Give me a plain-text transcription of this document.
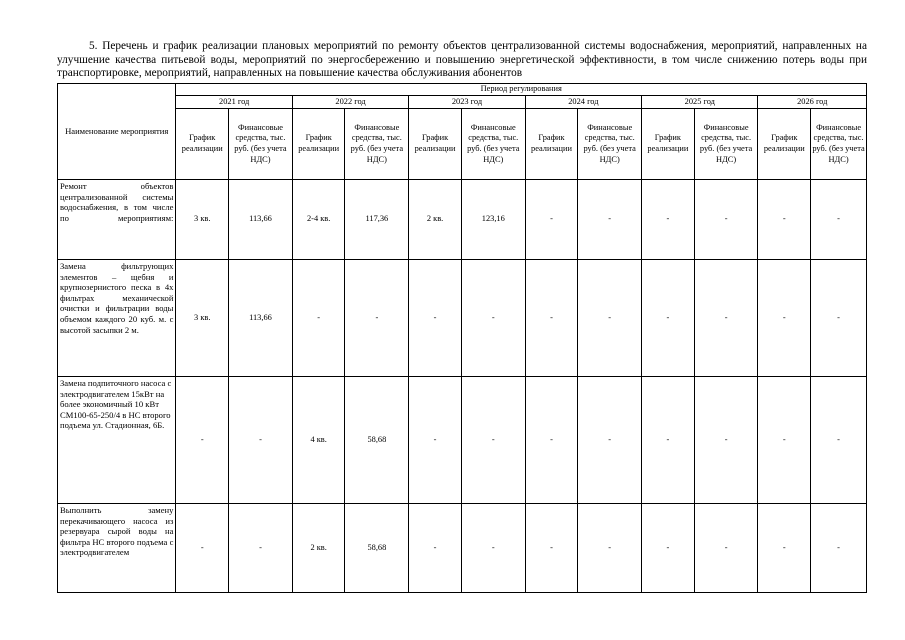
5. Перечень и график реализации плановых мероприятий по ремонту объектов централизованной системы водоснабжения, мероприятий, направленных на улучшение качества питьевой воды, мероприятий по энергосбережению и повышению энергетической эффективности, в том числе снижению потерь воды при транспортировке, мероприятий, направленных на повышение качества обслуживания абонентов
Наименование мероприятия	Период регулирования											
	2021 год		2022 год		2023 год		2024 год		2025 год		2026 год	
	График реализации	Финансовые средства, тыс. руб. (без учета НДС)	График реализации	Финансовые средства, тыс. руб. (без учета НДС)	График реализации	Финансовые средства, тыс. руб. (без учета НДС)	График реализации	Финансовые средства, тыс. руб. (без учета НДС)	График реализации	Финансовые средства, тыс. руб. (без учета НДС)	График реализации	Финансовые средства, тыс. руб. (без учета НДС)
Ремонт объектов централизованной системы водоснабжения, в том числе по мероприятиям:	3 кв.	113,66	2-4 кв.	117,36	2 кв.	123,16	-	-	-	-	-	-
Замена фильтрующих элементов – щебня и крупнозернистого песка в 4х фильтрах механической очистки и фильтрации воды объемом каждого 20 куб. м. с высотой засыпки 2 м.	3 кв.	113,66	-	-	-	-	-	-	-	-	-	-
Замена подпиточного насоса с электродвигателем 15кВт на более экономичный 10 кВт СМ100-65-250/4 в НС второго подъема ул. Стадионная, 6Б.	-	-	4 кв.	58,68	-	-	-	-	-	-	-	-
Выполнить замену перекачивающего насоса из резервуара сырой воды на фильтра НС второго подъема с электродвигателем	-	-	2 кв.	58,68	-	-	-	-	-	-	-	-
